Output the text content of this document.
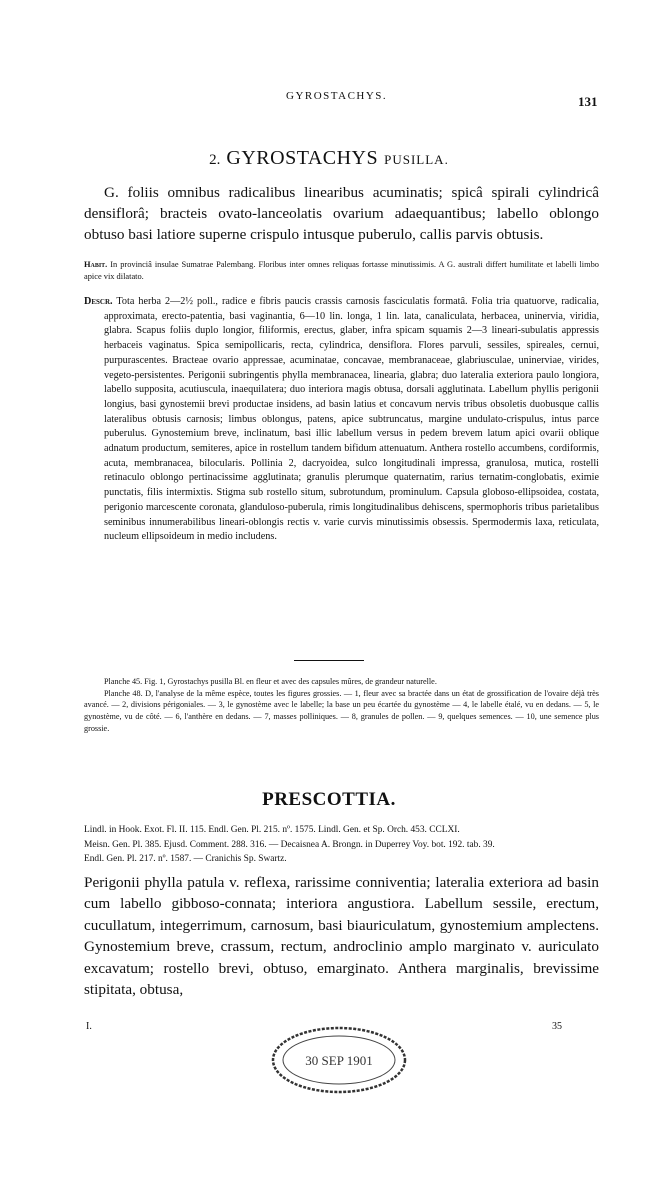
GYROSTACHYS.	131
2. GYROSTACHYS PUSILLA.

G. foliis omnibus radicalibus linearibus acuminatis; spicâ spirali cylindricâ densiflorâ; bracteis ovato-lanceolatis ovarium adaequantibus; labello oblongo obtuso basi latiore superne crispulo intusque puberulo, callis parvis obtusis.

Habit. In provinciâ insulae Sumatrae Palembang. Floribus inter omnes reliquas fortasse minutissimis. A G. australi differt humilitate et labelli limbo apice vix dilatato.

Descr. Tota herba 2—2½ poll., radice e fibris paucis crassis carnosis fasciculatis formatâ. Folia tria quatuorve, radicalia, approximata, erecto-patentia, basi vaginantia, 6—10 lin. longa, 1 lin. lata, canaliculata, herbacea, uninervia, viridia, glabra. Scapus foliis duplo longior, filiformis, erectus, glaber, infra spicam squamis 2—3 lineari-subulatis appressis herbaceis vaginatus. Spica semipollicaris, recta, cylindrica, densiflora. Flores parvuli, sessiles, spireales, cernui, purpurascentes. Bracteae ovario appressae, acuminatae, concavae, membranaceae, glabriusculae, uninerviae, virides, vegeto-persistentes. Perigonii subringentis phylla membranacea, linearia, glabra; duo lateralia exteriora paulo longiora, labello supposita, acutiuscula, inaequilatera; duo interiora magis obtusa, dorsali agglutinata. Labellum phyllis perigonii longius, basi gynostemii brevi productae insidens, ad basin latius et concavum nervis tribus obsoletis duobusque callis lateralibus obtusis carnosis; limbus oblongus, patens, apice subtruncatus, margine undulato-crispulus, intus parce puberulus. Gynostemium breve, inclinatum, basi illic labellum versus in pedem brevem latum apici ovarii oblique adnatum productum, semiteres, apice in rostellum tandem bifidum attenuatum. Anthera rostello accumbens, cordiformis, acuta, membranacea, bilocularis. Pollinia 2, dacryoidea, sulco longitudinali impressa, granulosa, mutica, rostelli retinaculo oblongo pertinacissime agglutinata; granulis plerumque quaternatim, rarius ternatim-conglobatis, eximie punctatis, filis intermixtis. Stigma sub rostello situm, subrotundum, prominulum. Capsula globoso-ellipsoidea, costata, perigonio marcescente coronata, glanduloso-puberula, rimis longitudinalibus dehiscens, spermophoris tribus parietalibus seminibus innumerabilibus lineari-oblongis rectis v. varie curvis minutissimis obsessis. Spermodermis laxa, reticulata, nucleum ellipsoideum in medio includens.

Planche 45. Fig. 1, Gyrostachys pusilla Bl. en fleur et avec des capsules mûres, de grandeur naturelle.

Planche 48. D, l'analyse de la même espèce, toutes les figures grossies. — 1, fleur avec sa bractée dans un état de grossification de l'ovaire déjà très avancé. — 2, divisions périgoniales. — 3, le gynostème avec le labelle; la base un peu écartée du gynostème — 4, le labelle étalé, vu en dedans. — 5, le gynostème, vu de côté. — 6, l'anthère en dedans. — 7, masses polliniques. — 8, granules de pollen. — 9, quelques semences. — 10, une semence plus grossie.

PRESCOTTIA.

Lindl. in Hook. Exot. Fl. II. 115. Endl. Gen. Pl. 215. nº. 1575. Lindl. Gen. et Sp. Orch. 453. CCLXI.

Meisn. Gen. Pl. 385. Ejusd. Comment. 288. 316. — Decaisnea A. Brongn. in Duperrey Voy. bot. 192. tab. 39.

Endl. Gen. Pl. 217. nº. 1587. — Cranichis Sp. Swartz.

Perigonii phylla patula v. reflexa, rarissime conniventia; lateralia exteriora ad basin cum labello gibboso-connata; interiora angustiora. Labellum sessile, erectum, cucullatum, integerrimum, carnosum, basi biauriculatum, gynostemium amplectens. Gynostemium breve, crassum, rectum, androclinio amplo marginato v. auriculato excavatum; rostello brevi, obtuso, emarginato. Anthera marginalis, brevissime stipitata, obtusa,

I.	35
30 SEP 1901
